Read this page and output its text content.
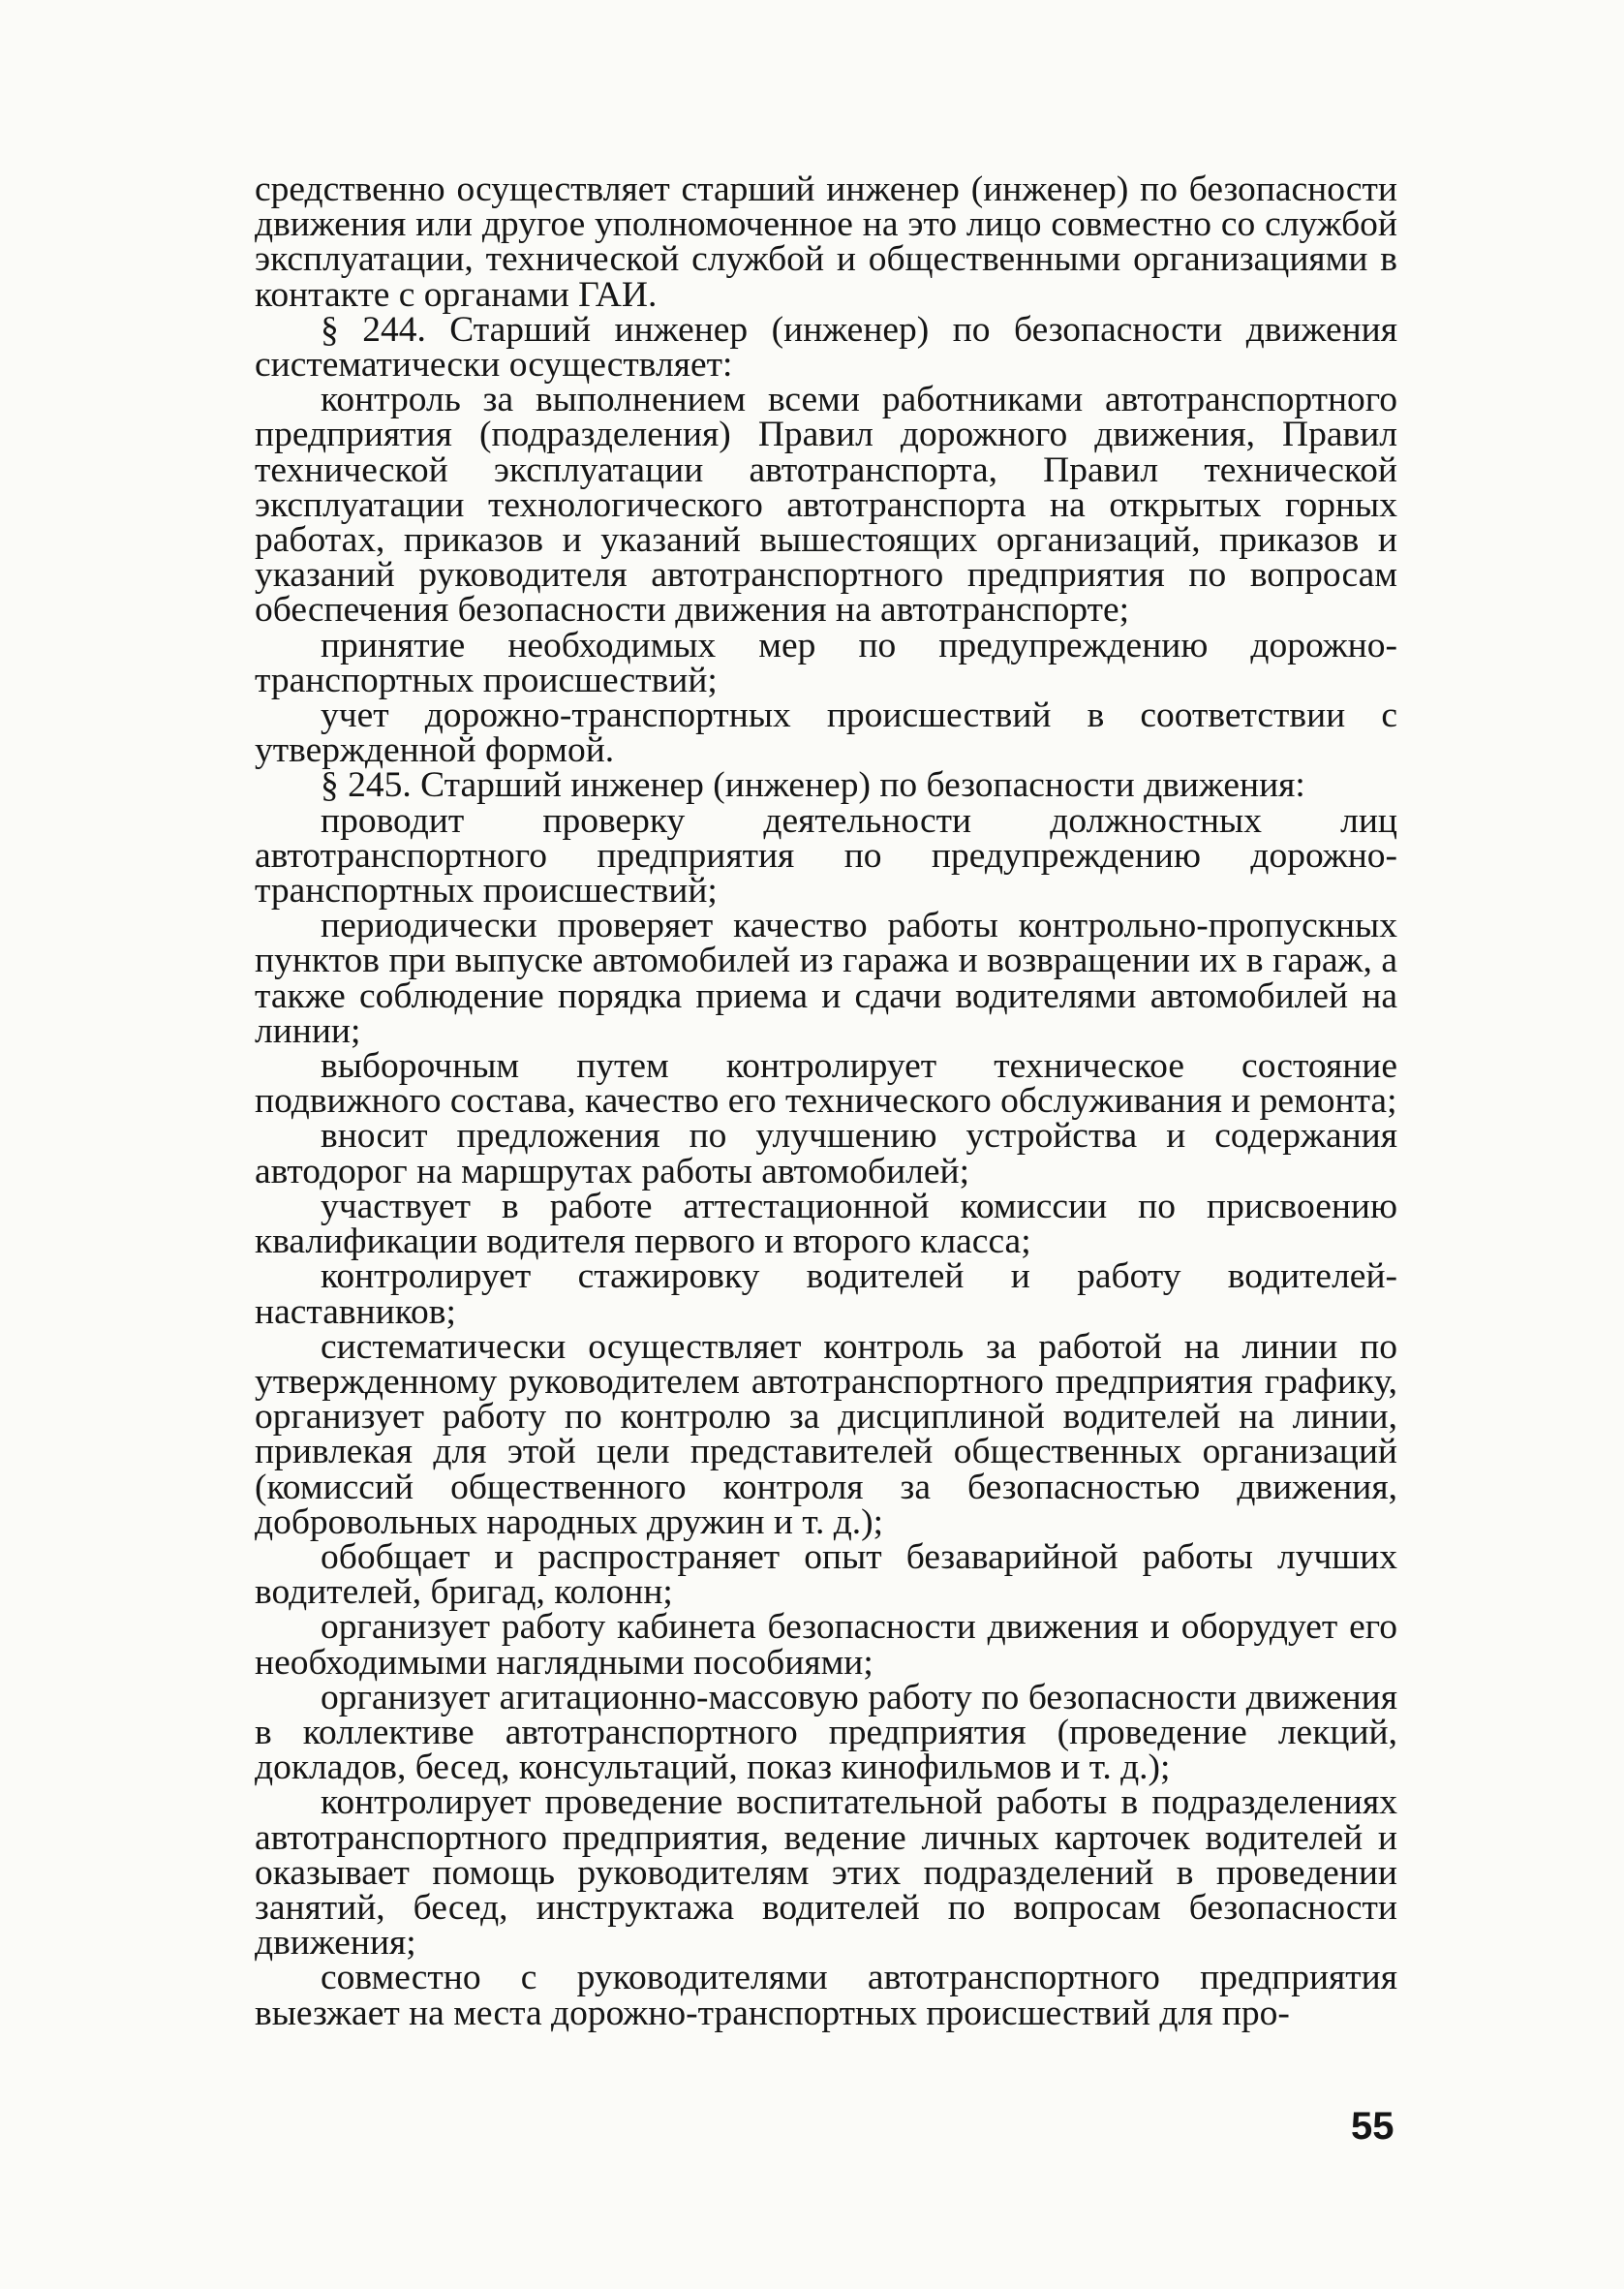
средственно осуществляет старший инженер (инженер) по безопасности движения или другое уполномоченное на это лицо совместно со службой эксплуатации, технической службой и общественными организациями в контакте с органами ГАИ.

§ 244. Старший инженер (инженер) по безопасности движения систематически осуществляет:

контроль за выполнением всеми работниками автотранспортного предприятия (подразделения) Правил дорожного движения, Правил технической эксплуатации автотранспорта, Правил технической эксплуатации технологического автотранспорта на открытых горных работах, приказов и указаний вышестоящих организаций, приказов и указаний руководителя автотранспортного предприятия по вопросам обеспечения безопасности движения на автотранспорте;

принятие необходимых мер по предупреждению дорожно-транспортных происшествий;

учет дорожно-транспортных происшествий в соответствии с утвержденной формой.

§ 245. Старший инженер (инженер) по безопасности движения:

проводит проверку деятельности должностных лиц автотранспортного предприятия по предупреждению дорожно-транспортных происшествий;

периодически проверяет качество работы контрольно-пропускных пунктов при выпуске автомобилей из гаража и возвращении их в гараж, а также соблюдение порядка приема и сдачи водителями автомобилей на линии;

выборочным путем контролирует техническое состояние подвижного состава, качество его технического обслуживания и ремонта;

вносит предложения по улучшению устройства и содержания автодорог на маршрутах работы автомобилей;

участвует в работе аттестационной комиссии по присвоению квалификации водителя первого и второго класса;

контролирует стажировку водителей и работу водителей-наставников;

систематически осуществляет контроль за работой на линии по утвержденному руководителем автотранспортного предприятия графику, организует работу по контролю за дисциплиной водителей на линии, привлекая для этой цели представителей общественных организаций (комиссий общественного контроля за безопасностью движения, добровольных народных дружин и т. д.);

обобщает и распространяет опыт безаварийной работы лучших водителей, бригад, колонн;

организует работу кабинета безопасности движения и оборудует его необходимыми наглядными пособиями;

организует агитационно-массовую работу по безопасности движения в коллективе автотранспортного предприятия (проведение лекций, докладов, бесед, консультаций, показ кинофильмов и т. д.);

контролирует проведение воспитательной работы в подразделениях автотранспортного предприятия, ведение личных карточек водителей и оказывает помощь руководителям этих подразделений в проведении занятий, бесед, инструктажа водителей по вопросам безопасности движения;

совместно с руководителями автотранспортного предприятия выезжает на места дорожно-транспортных происшествий для про-

55
